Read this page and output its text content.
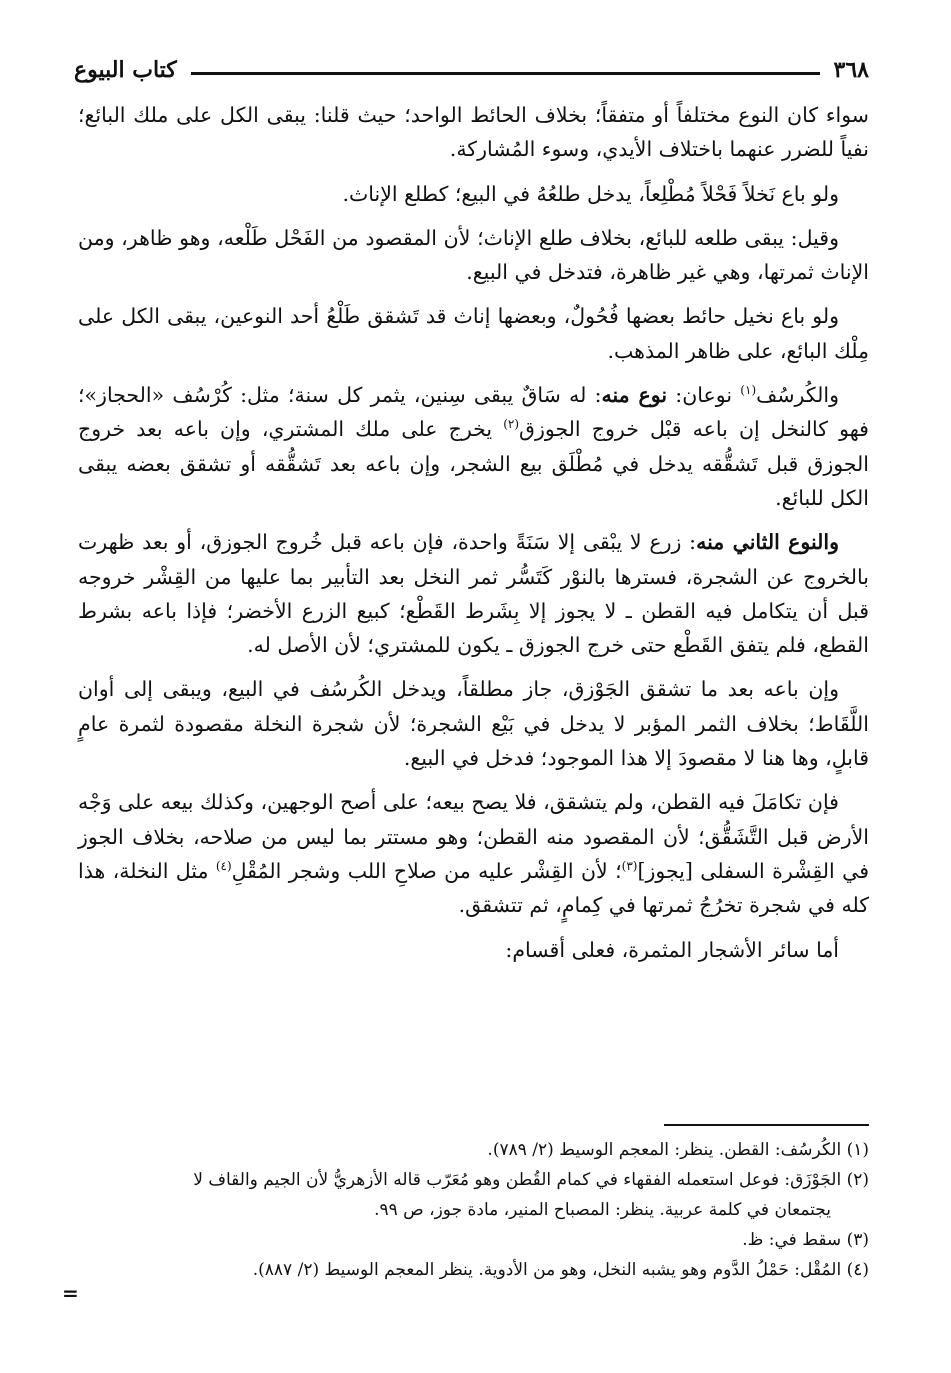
٣٦٨
كتاب البيوع

سواء كان النوع مختلفاً أو متفقاً؛ بخلاف الحائط الواحد؛ حيث قلنا: يبقى الكل على ملك البائع؛ نفياً للضرر عنهما باختلاف الأيدي، وسوء المُشاركة.

ولو باع نَخلاً فَحْلاً مُطْلِعاً، يدخل طلعُهُ في البيع؛ كطلع الإناث.

وقيل: يبقى طلعه للبائع، بخلاف طلع الإناث؛ لأن المقصود من الفَحْل طَلْعه، وهو ظاهر، ومن الإناث ثمرتها، وهي غير ظاهرة، فتدخل في البيع.

ولو باع نخيل حائط بعضها فُحُولٌ، وبعضها إناث قد تَشقق طَلْعُ أحد النوعين، يبقى الكل على مِلْك البائع، على ظاهر المذهب.

والكُرسُف$^{(١)}$ نوعان: نوع منه: له سَاقٌ يبقى سِنين، يثمر كل سنة؛ مثل: كُرْسُف «الحجاز»؛ فهو كالنخل إن باعه قبْل خروج الجوزق$^{(٢)}$ يخرج على ملك المشتري، وإن باعه بعد خروج الجوزق قبل تَشقُّقه يدخل في مُطْلَق بيع الشجر، وإن باعه بعد تَشقُّقه أو تشقق بعضه يبقى الكل للبائع.

والنوع الثاني منه: زرع لا يبْقى إلا سَنَةً واحدة، فإن باعه قبل خُروج الجوزق، أو بعد ظهرت بالخروج عن الشجرة، فسترها بالنوْر كَتَسُّر ثمر النخل بعد التأبير بما عليها من القِشْر خروجه قبل أن يتكامل فيه القطن ـ لا يجوز إلا بِشَرط القَطْع؛ كبيع الزرع الأخضر؛ فإذا باعه بشرط القطع، فلم يتفق القَطْع حتى خرج الجوزق ـ يكون للمشتري؛ لأن الأصل له.

وإن باعه بعد ما تشقق الجَوْزق، جاز مطلقاً، ويدخل الكُرسُف في البيع، ويبقى إلى أوان اللَّقَاط؛ بخلاف الثمر المؤبر لا يدخل في بَيْع الشجرة؛ لأن شجرة النخلة مقصودة لثمرة عامٍ قابلٍ، وها هنا لا مقصودَ إلا هذا الموجود؛ فدخل في البيع.

فإن تكامَلَ فيه القطن، ولم يتشقق، فلا يصح بيعه؛ على أصح الوجهين، وكذلك بيعه على وَجْه الأرض قبل التَّشَقُّق؛ لأن المقصود منه القطن؛ وهو مستتر بما ليس من صلاحه، بخلاف الجوز في القِشْرة السفلى [يجوز]$^{(٣)}$؛ لأن القِشْر عليه من صلاحِ اللب وشجر المُقْلِ$^{(٤)}$ مثل النخلة، هذا كله في شجرة تخرُجُ ثمرتها في كِمامٍ، ثم تتشقق.

أما سائر الأشجار المثمرة، فعلى أقسام:

(١) الكُرسُف: القطن. ينظر: المعجم الوسيط (٢/ ٧٨٩).

(٢) الجَوْزَق: فوعل استعمله الفقهاء في كمام القُطن وهو مُعَرّب قاله الأزهريُّ لأن الجيم والقاف لا
يجتمعان في كلمة عربية. ينظر: المصباح المنير، مادة جوز، ص ٩٩.

(٣) سقط في: ظ.

(٤) المُقْل: حَمْلُ الدَّوم وهو يشبه النخل، وهو من الأدوية. ينظر المعجم الوسيط (٢/ ٨٨٧).

=
